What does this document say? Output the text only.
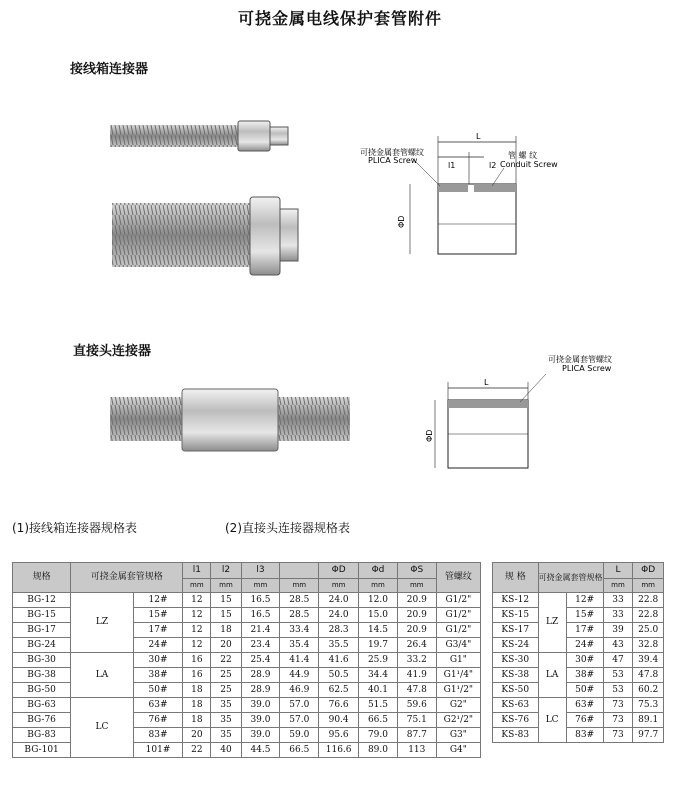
可挠金属电线保护套管附件
接线箱连接器
直接头连接器
可挠金属套管螺纹
PLICA Screw
管 螺 纹
Conduit Screw
L
l1	l2
ΦD
可挠金属套管螺纹
PLICA Screw
L
ΦD
(1)接线箱连接器规格表	(2)直接头连接器规格表
规格	可挠金属套管规格		l1	l2	l3		ΦD	Φd	ΦS	管螺纹
			mm	mm	mm	mm	mm	mm	mm	
BG-12	LZ	12#	12	15	16.5	28.5	24.0	12.0	20.9	G1/2"
BG-15		15#	12	15	16.5	28.5	24.0	15.0	20.9	G1/2"
BG-17		17#	12	18	21.4	33.4	28.3	14.5	20.9	G1/2"
BG-24		24#	12	20	23.4	35.4	35.5	19.7	26.4	G3/4"
BG-30	LA	30#	16	22	25.4	41.4	41.6	25.9	33.2	G1"
BG-38		38#	16	25	28.9	44.9	50.5	34.4	41.9	G1¹/4"
BG-50		50#	18	25	28.9	46.9	62.5	40.1	47.8	G1¹/2"
BG-63	LC	63#	18	35	39.0	57.0	76.6	51.5	59.6	G2"
BG-76		76#	18	35	39.0	57.0	90.4	66.5	75.1	G2¹/2"
BG-83		83#	20	35	39.0	59.0	95.6	79.0	87.7	G3"
BG-101		101#	22	40	44.5	66.5	116.6	89.0	113	G4"
规 格	可挠金属套管规格		L	ΦD
			mm	mm
KS-12	LZ	12#	33	22.8
KS-15		15#	33	22.8
KS-17		17#	39	25.0
KS-24		24#	43	32.8
KS-30	LA	30#	47	39.4
KS-38		38#	53	47.8
KS-50		50#	53	60.2
KS-63	LC	63#	73	75.3
KS-76		76#	73	89.1
KS-83		83#	73	97.7
